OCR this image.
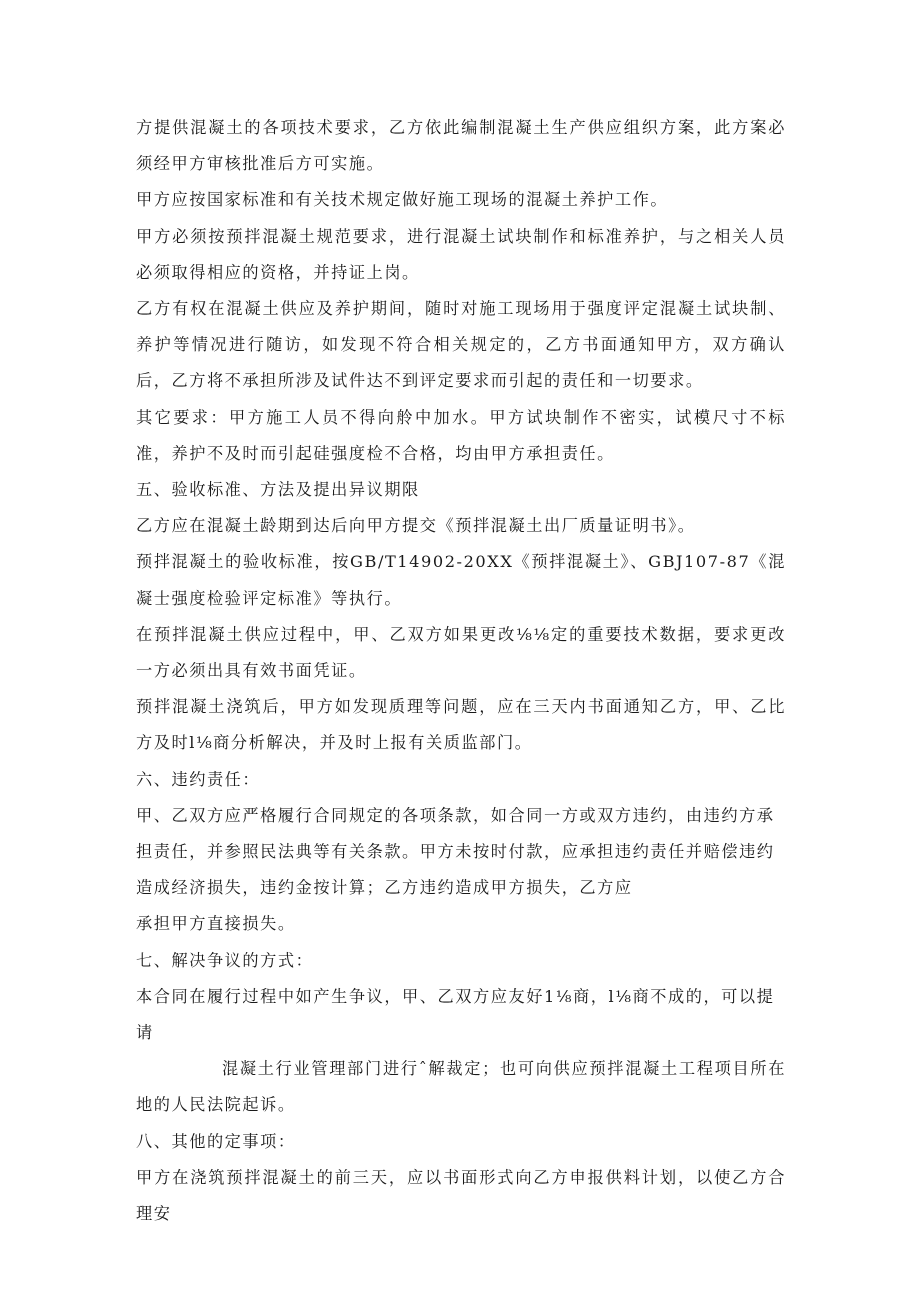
方提供混凝土的各项技术要求，乙方依此编制混凝土生产供应组织方案，此方案必须经甲方审核批准后方可实施。

甲方应按国家标准和有关技术规定做好施工现场的混凝土养护工作。

甲方必须按预拌混凝土规范要求，进行混凝土试块制作和标准养护，与之相关人员必须取得相应的资格，并持证上岗。

乙方有权在混凝土供应及养护期间，随时对施工现场用于强度评定混凝土试块制、养护等情况进行随访，如发现不符合相关规定的，乙方书面通知甲方，双方确认后，乙方将不承担所涉及试件达不到评定要求而引起的责任和一切要求。

其它要求：甲方施工人员不得向舲中加水。甲方试块制作不密实，试模尺寸不标准，养护不及时而引起硅强度检不合格，均由甲方承担责任。

五、验收标准、方法及提出异议期限

乙方应在混凝土龄期到达后向甲方提交《预拌混凝土出厂质量证明书》。

预拌混凝土的验收标准，按GB/T14902-20XX《预拌混凝土》、GBJ107-87《混凝士强度检验评定标准》等执行。

在预拌混凝土供应过程中，甲、乙双方如果更改⅛⅛定的重要技术数据，要求更改一方必须出具有效书面凭证。

预拌混凝土浇筑后，甲方如发现质理等问题，应在三天内书面通知乙方，甲、乙比方及时l⅛商分析解决，并及时上报有关质监部门。

六、违约责任：

甲、乙双方应严格履行合同规定的各项条款，如合同一方或双方违约，由违约方承担责任，并参照民法典等有关条款。甲方未按时付款，应承担违约责任并赔偿违约造成经济损失，违约金按计算；乙方违约造成甲方损失，乙方应

承担甲方直接损失。

七、解决争议的方式：

本合同在履行过程中如产生争议，甲、乙双方应友好1⅛商，l⅛商不成的，可以提请

混凝土行业管理部门进行ˆ解裁定；也可向供应预拌混凝土工程项目所在地的人民法院起诉。

八、其他的定事项：

甲方在浇筑预拌混凝土的前三天，应以书面形式向乙方申报供料计划，以使乙方合理安
